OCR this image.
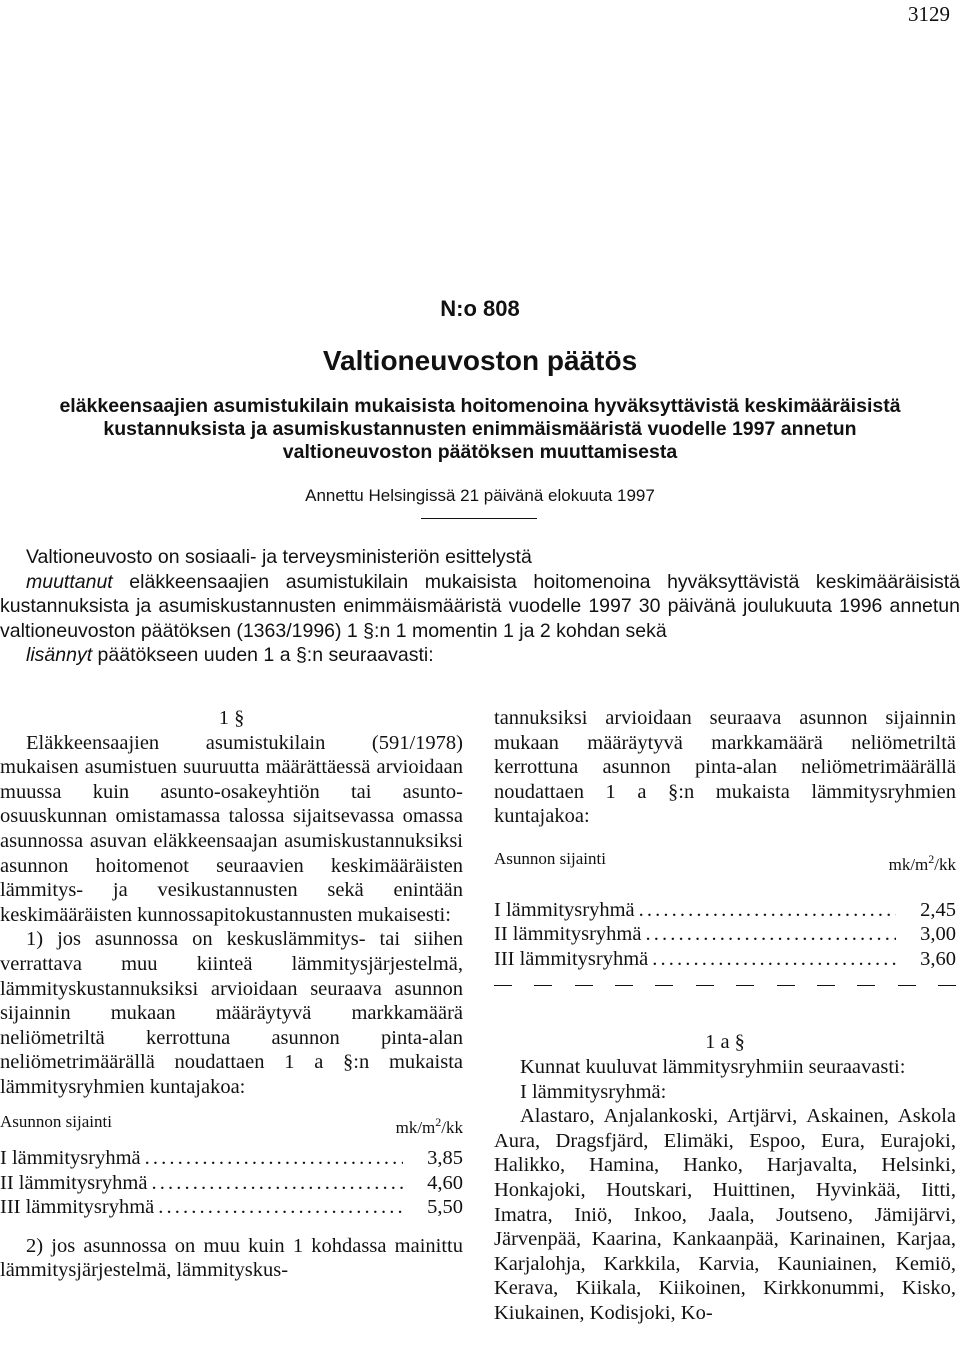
3129
N:o 808
Valtioneuvoston päätös
eläkkeensaajien asumistukilain mukaisista hoitomenoina hyväksyttävistä keskimääräisistä
kustannuksista ja asumiskustannusten enimmäismääristä vuodelle 1997 annetun
valtioneuvoston päätöksen muuttamisesta
Annettu Helsingissä 21 päivänä elokuuta 1997

Valtioneuvosto on sosiaali- ja terveysministeriön esittelystä

muuttanut eläkkeensaajien asumistukilain mukaisista hoitomenoina hyväksyttävistä keskimääräisistä kustannuksista ja asumiskustannusten enimmäismääristä vuodelle 1997 30 päivänä joulukuuta 1996 annetun valtioneuvoston päätöksen (1363/1996) 1 §:n 1 momentin 1 ja 2 kohdan sekä

lisännyt päätökseen uuden 1 a §:n seuraavasti:

1 §

Eläkkeensaajien asumistukilain (591/1978) mukaisen asumistuen suuruutta määrättäessä arvioidaan muussa kuin asunto-osakeyhtiön tai asunto-osuuskunnan omistamassa talossa sijaitsevassa omassa asunnossa asuvan eläkkeensaajan asumiskustannuksiksi asunnon hoitomenot seuraavien keskimääräisten lämmitys- ja vesikustannusten sekä enintään keskimääräisten kunnossapitokustannusten mukaisesti:

1) jos asunnossa on keskuslämmitys- tai siihen verrattava muu kiinteä lämmitysjärjestelmä, lämmityskustannuksiksi arvioidaan seuraava asunnon sijainnin mukaan määräytyvä markkamäärä neliömetriltä kerrottuna asunnon pinta-alan neliömetrimäärällä noudattaen 1 a §:n mukaista lämmitysryhmien kuntajakoa:

Asunnon sijainti	$mk/m^2/kk$
I lämmitysryhmä . . .	3,85
II lämmitysryhmä . . .	4,60
III lämmitysryhmä . . .	5,50

2) jos asunnossa on muu kuin 1 kohdassa mainittu lämmitysjärjestelmä, lämmityskus-

tannuksiksi arvioidaan seuraava asunnon sijainnin mukaan määräytyvä markkamäärä neliömetriltä kerrottuna asunnon pinta-alan neliömetrimäärällä noudattaen 1 a §:n mukaista lämmitysryhmien kuntajakoa:

Asunnon sijainti	$mk/m^2/kk$
I lämmitysryhmä . . .	2,45
II lämmitysryhmä . . .	3,00
III lämmitysryhmä . . .	3,60

1 a §

Kunnat kuuluvat lämmitysryhmiin seuraavasti:

I lämmitysryhmä:

Alastaro, Anjalankoski, Artjärvi, Askainen, Askola Aura, Dragsfjärd, Elimäki, Espoo, Eura, Eurajoki, Halikko, Hamina, Hanko, Harjavalta, Helsinki, Honkajoki, Houtskari, Huittinen, Hyvinkää, Iitti, Imatra, Iniö, Inkoo, Jaala, Joutseno, Jämijärvi, Järvenpää, Kaarina, Kankaanpää, Karinainen, Karjaa, Karjalohja, Karkkila, Karvia, Kauniainen, Kemiö, Kerava, Kiikala, Kiikoinen, Kirkkonummi, Kisko, Kiukainen, Kodisjoki, Ko-
